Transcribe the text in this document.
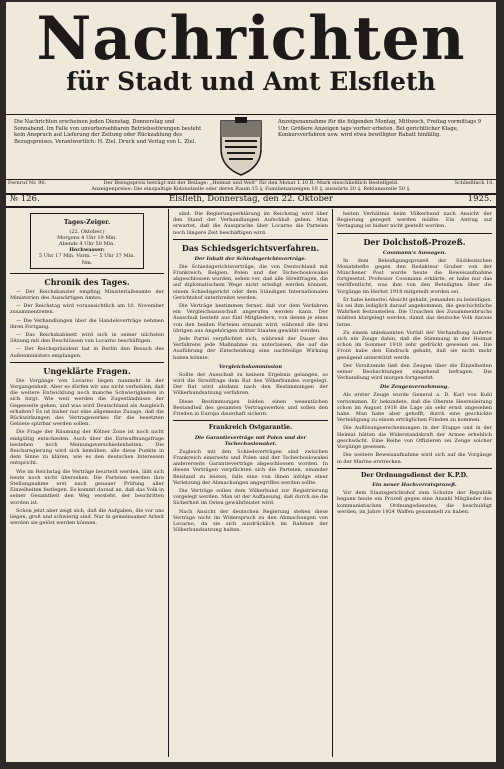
Nachrichten
für Stadt und Amt Elsfleth
Die Nachrichten erscheinen jeden Dienstag, Donnerstag und Sonnabend. Im Falle von unvorhersehbaren Betriebsstörungen besteht kein Anspruch auf Lieferung der Zeitung oder Rückzahlung des Bezugspreises. Verantwortlich: H. Ziel. Druck und Verlag von L. Ziel.
Anzeigenannahme für die folgenden Montag, Mittwoch, Freitag vormittags 9 Uhr. Größere Anzeigen tags vorher erbeten. Bei gerichtlicher Klage, Konkursverfahren usw. wird etwa bewilligter Rabatt hinfällig.
Fernruf Nr. 90.	Der Bezugspreis beträgt mit der Beilage: „Heimat und Welt“ für den Monat 1.10 R.-Mark einschließlich Bestellgeld.	Schließfach 10.
Anzeigenpreise: Die einspaltige Kolonelzeile oder deren Raum 15 ₰, Familienanzeigen 10 ₰, auswärts 20 ₰, Reklamezeile 50 ₰.
№ 126.	Elsfleth, Donnerstag, den 22. Oktober	1925.
Tages-Zeiger.
(22. Oktober.)
Morgens 4 Uhr 19 Min.
Abends 4 Uhr 50 Min.
Hochwasser:
5 Uhr 17 Min. Vorm. — 5 Uhr 37 Min. Nm.

Chronik des Tages.

— Der Reichskanzler empfing Ministerialbeamte der Ministerien des Auswärtigen Amtes.

— Der Reichstag wird voraussichtlich am 10. November zusammentreten.

— Die Verhandlungen über die Handelsverträge nehmen ihren Fortgang.

— Das Reichskabinett wird sich in seiner nächsten Sitzung mit den Beschlüssen von Locarno beschäftigen.

— Der Reichspräsident hat in Berlin den Besuch des Außenministers empfangen.

Ungeklärte Fragen.

Die Vorgänge von Locarno liegen nunmehr in der Vergangenheit. Aber es dürfen wir uns nicht verhehlen, daß die weitere Entwicklung noch manche Schwierigkeiten in sich birgt. Wie weit werden die Zugeständnisse der Gegenseite gehen, und was wird Deutschland als Ausgleich erhalten? Es ist bisher nur eine allgemeine Zusage, daß die Rückwirkungen des Vertragswerkes für die besetzten Gebiete spürbar werden sollen.

Die Frage der Räumung der Kölner Zone ist noch nicht endgültig entschieden. Auch über die Entwaffnungsfrage bestehen noch Meinungsverschiedenheiten. Die Reichsregierung wird sich bemühen, alle diese Punkte in dem Sinne zu klären, wie es den deutschen Interessen entspricht.

Wie im Reichstag die Verträge beurteilt werden, läßt sich heute noch nicht übersehen. Die Parteien werden ihre Stellungnahme erst nach genauer Prüfung aller Einzelheiten festlegen. Es kommt darauf an, daß das Volk in seiner Gesamtheit den Weg versteht, der beschritten worden ist.

Schon jetzt aber zeigt sich, daß die Aufgaben, die vor uns liegen, groß und schwierig sind. Nur in gemeinsamer Arbeit werden sie gelöst werden können.

sind. Die Regierungserklärung im Reichstag wird über den Stand der Verhandlungen Aufschluß geben. Man erwartet, daß die Aussprache über Locarno die Parteien noch längere Zeit beschäftigen wird.

Das Schiedsgerichtsverfahren.

Der Inhalt der Schiedsgerichtsverträge.

Die Schiedsgerichtsverträge, die von Deutschland mit Frankreich, Belgien, Polen und der Tschechoslowakei abgeschlossen wurden, sehen vor, daß alle Streitfragen, die auf diplomatischem Wege nicht erledigt werden können, einem Schiedsgericht oder dem Ständigen Internationalen Gerichtshof unterbreitet werden.

Die Verträge bestimmen ferner, daß vor dem Verfahren ein Vergleichsausschuß angerufen werden kann. Der Ausschuß besteht aus fünf Mitgliedern, von denen je eines von den beiden Parteien ernannt wird, während die drei übrigen aus Angehörigen dritter Staaten gewählt werden.

Jede Partei verpflichtet sich, während der Dauer des Verfahrens jede Maßnahme zu unterlassen, die auf die Ausführung der Entscheidung eine nachteilige Wirkung haben könnte.

Vergleichskommission

Sollte der Ausschuß zu keinem Ergebnis gelangen, so wird die Streitfrage dem Rat des Völkerbundes vorgelegt. Der Rat wird alsdann nach den Bestimmungen der Völkerbundsatzung verfahren.

Diese Bestimmungen bilden einen wesentlichen Bestandteil des gesamten Vertragswerkes und sollen den Frieden in Europa dauerhaft sichern.

Frankreich Ostgarantie.

Die Garantieverträge mit Polen und der Tschechoslowakei.

Zugleich mit den Schiedsverträgen sind zwischen Frankreich einerseits und Polen und der Tschechoslowakei andererseits Garantieverträge abgeschlossen worden. In diesen Verträgen verpflichten sich die Parteien, einander Beistand zu leisten, falls eine von ihnen infolge einer Verletzung der Abmachungen angegriffen werden sollte.

Die Verträge sollen dem Völkerbund zur Registrierung vorgelegt werden. Man ist der Auffassung, daß durch sie die Sicherheit im Osten gewährleistet wird.

Nach Ansicht der deutschen Regierung stehen diese Verträge nicht im Widerspruch zu den Abmachungen von Locarno, da sie sich ausdrücklich im Rahmen der Völkerbundsatzung halten.

heiten Verhältnis beim Völkerbund nach Ansicht der Regierung geregelt werden müßte. Ein Antrag auf Vertagung ist bisher nicht gestellt worden.

Der Dolchstoß-Prozeß.

Cossmann's Aussagen.

In dem Beleidigungsprozeß der Süddeutschen Monatshefte gegen den Redakteur Gruber von der Münchener Post wurde heute die Beweisaufnahme fortgesetzt. Professor Cossmann erklärte, er habe nur das veröffentlicht, was ihm von den Beteiligten über die Vorgänge im Herbst 1918 mitgeteilt worden sei.

Er habe keinerlei Absicht gehabt, jemanden zu beleidigen. Es sei ihm lediglich darauf angekommen, die geschichtliche Wahrheit festzustellen. Die Ursachen des Zusammenbruchs müßten klargelegt werden, damit das deutsche Volk daraus lerne.

Zu einem unbekannten Vorfall der Verhandlung äußerte sich ein Zeuge dahin, daß die Stimmung in der Heimat schon im Sommer 1918 sehr gedrückt gewesen sei. Die Front habe den Eindruck gehabt, daß sie nicht mehr genügend unterstützt werde.

Der Vorsitzende ließ den Zeugen über die Einzelheiten seiner Beobachtungen eingehend befragen. Die Verhandlung wird morgen fortgesetzt.

Die Zeugenvernehmung.

Als erster Zeuge wurde General a. D. Karl von Kuhl vernommen. Er bekundete, daß die Oberste Heeresleitung schon im August 1918 die Lage als sehr ernst angesehen habe. Man habe aber gehofft, durch eine geschickte Verteidigung zu einem erträglichen Frieden zu kommen.

Die Auflösungserscheinungen in der Etappe und in der Heimat hätten die Widerstandskraft der Armee erheblich geschwächt. Eine Reihe von Offizieren sei Zeuge solcher Vorgänge gewesen.

Die weitere Beweisaufnahme wird sich auf die Vorgänge in der Marine erstrecken.

Der Ordnungsdienst der K.P.D.

Ein neuer Hochverratsprozeß.

Vor dem Staatsgerichtshof zum Schutze der Republik begann heute ein Prozeß gegen eine Anzahl Mitglieder des kommunistischen Ordnungsdienstes, die beschuldigt werden, im Jahre 1924 Waffen gesammelt zu haben.
